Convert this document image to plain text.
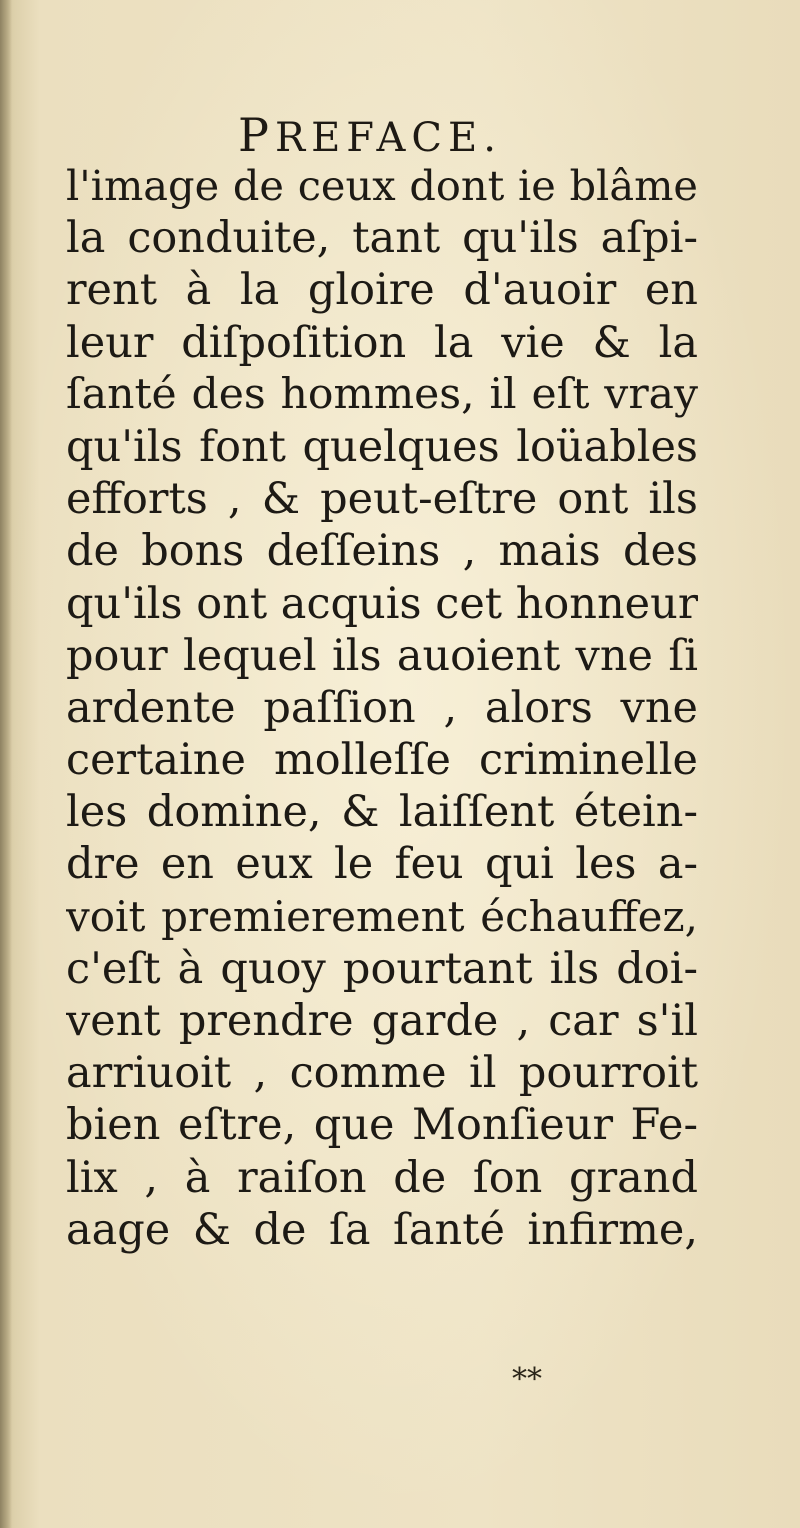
PREFACE.
l'image de ceux dont ie blâme
la conduite, tant qu'ils aſpi-
rent à la gloire d'auoir en
leur diſpoſition la vie & la
ſanté des hommes, il eſt vray
qu'ils font quelques loüables
efforts , & peut-eſtre ont ils
de bons deſſeins , mais des
qu'ils ont acquis cet honneur
pour lequel ils auoient vne ſi
ardente paſſion , alors vne
certaine molleſſe criminelle
les domine, & laiſſent étein-
dre en eux le feu qui les a-
voit premierement échauffez,
c'eſt à quoy pourtant ils doi-
vent prendre garde , car s'il
arriuoit , comme il pourroit
bien eſtre, que Monſieur Fe-
lix , à raiſon de ſon grand
aage & de ſa ſanté infirme,
**
